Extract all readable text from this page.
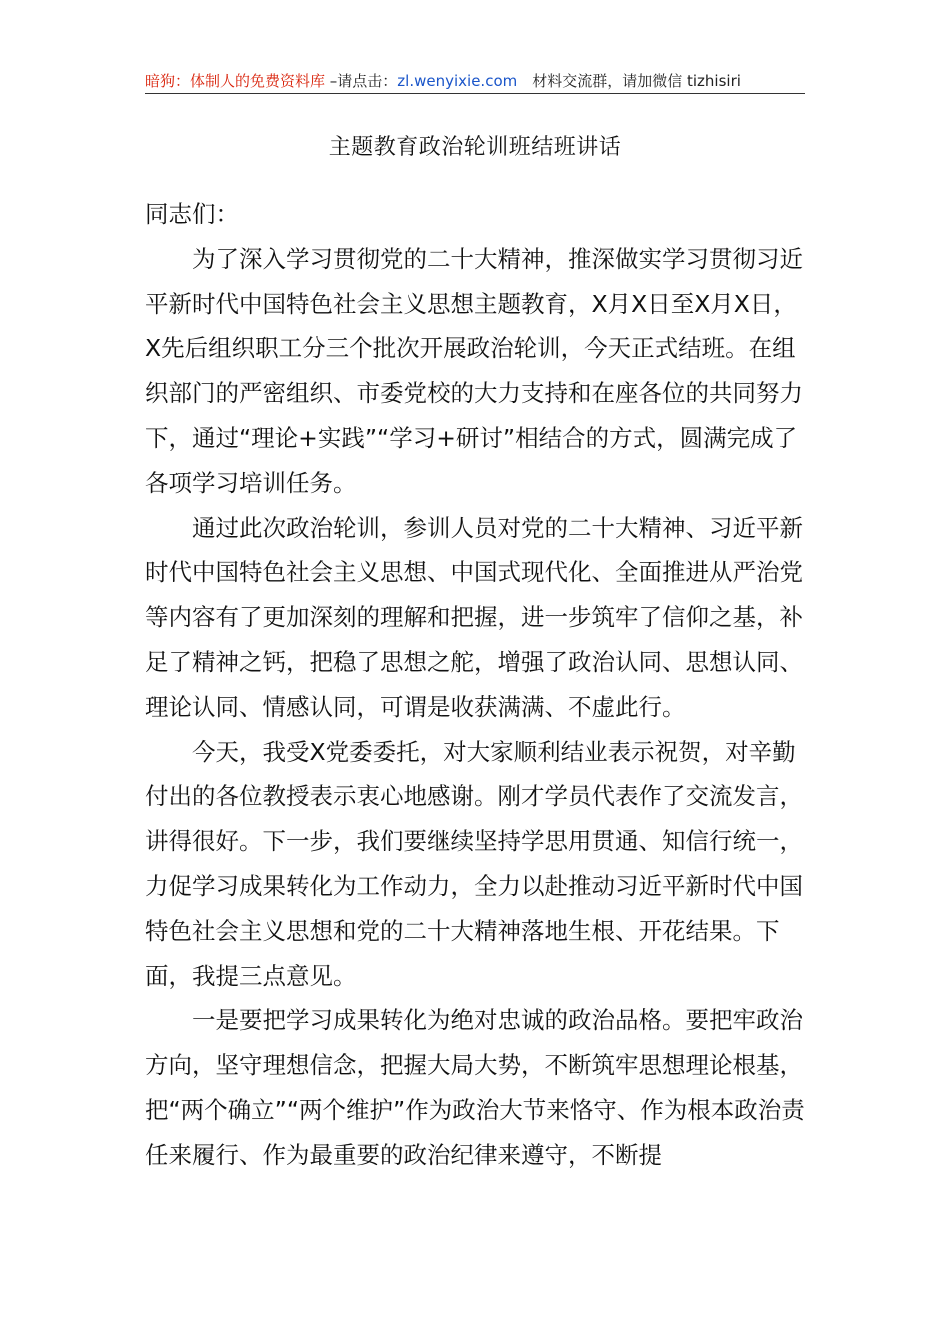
暗狗：体制人的免费资料库 –请点击：zl.wenyixie.com　材料交流群，请加微信 tizhisiri
主题教育政治轮训班结班讲话

同志们：

为了深入学习贯彻党的二十大精神，推深做实学习贯彻习近平新时代中国特色社会主义思想主题教育，X月X日至X月X日，X先后组织职工分三个批次开展政治轮训，今天正式结班。在组织部门的严密组织、市委党校的大力支持和在座各位的共同努力下，通过“理论+实践”“学习+研讨”相结合的方式，圆满完成了各项学习培训任务。

通过此次政治轮训，参训人员对党的二十大精神、习近平新时代中国特色社会主义思想、中国式现代化、全面推进从严治党等内容有了更加深刻的理解和把握，进一步筑牢了信仰之基，补足了精神之钙，把稳了思想之舵，增强了政治认同、思想认同、理论认同、情感认同，可谓是收获满满、不虚此行。

今天，我受X党委委托，对大家顺利结业表示祝贺，对辛勤付出的各位教授表示衷心地感谢。刚才学员代表作了交流发言，讲得很好。下一步，我们要继续坚持学思用贯通、知信行统一，力促学习成果转化为工作动力，全力以赴推动习近平新时代中国特色社会主义思想和党的二十大精神落地生根、开花结果。下面，我提三点意见。

一是要把学习成果转化为绝对忠诚的政治品格。要把牢政治方向，坚守理想信念，把握大局大势，不断筑牢思想理论根基，把“两个确立”“两个维护”作为政治大节来恪守、作为根本政治责任来履行、作为最重要的政治纪律来遵守，不断提
